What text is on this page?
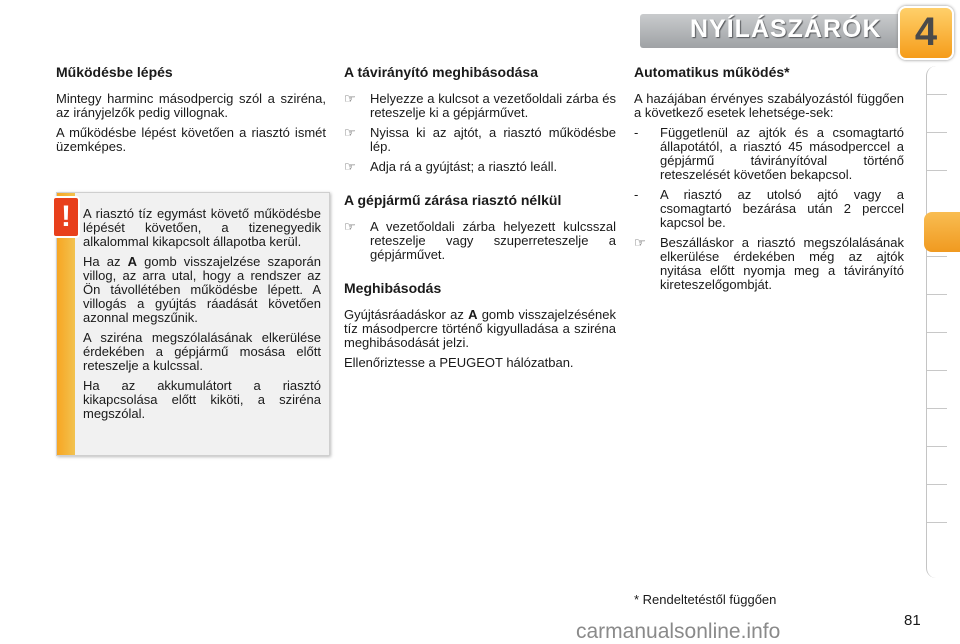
NYÍLÁSZÁRÓK 4
Működésbe lépés

Mintegy harminc másodpercig szól a sziréna, az irányjelzők pedig villognak.

A működésbe lépést követően a riasztó ismét üzemképes.

A riasztó tíz egymást követő működésbe lépését követően, a tizenegyedik alkalommal kikapcsolt állapotba kerül.

Ha az A gomb visszajelzése szaporán villog, az arra utal, hogy a rendszer az Ön távollétében működésbe lépett. A villogás a gyújtás ráadását követően azonnal megszűnik.

A sziréna megszólalásának elkerülése érdekében a gépjármű mosása előtt reteszelje a kulcssal.

Ha az akkumulátort a riasztó kikapcsolása előtt kiköti, a sziréna megszólal.

!
A távirányító meghibásodása
☞	Helyezze a kulcsot a vezetőoldali zárba és reteszelje ki a gépjárművet.
☞	Nyissa ki az ajtót, a riasztó működésbe lép.
☞	Adja rá a gyújtást; a riasztó leáll.
A gépjármű zárása riasztó nélkül
☞	A vezetőoldali zárba helyezett kulcsszal reteszelje vagy szuperreteszelje a gépjárművet.
Meghibásodás

Gyújtásráadáskor az A gomb visszajelzésének tíz másodpercre történő kigyulladása a sziréna meghibásodását jelzi.

Ellenőriztesse a PEUGEOT hálózatban.

Automatikus működés*

A hazájában érvényes szabályozástól függően a következő esetek lehetsége-sek:

-	Függetlenül az ajtók és a csomagtartó állapotától, a riasztó 45 másodperccel a gépjármű távirányítóval történő reteszelését követően bekapcsol.
-	A riasztó az utolsó ajtó vagy a csomagtartó bezárása után 2 perccel kapcsol be.
☞	Beszálláskor a riasztó megszólalásának elkerülése érdekében még az ajtók nyitása előtt nyomja meg a távirányító kireteszelőgombját.
* Rendeltetéstől függően
81
carmanualsonline.info
